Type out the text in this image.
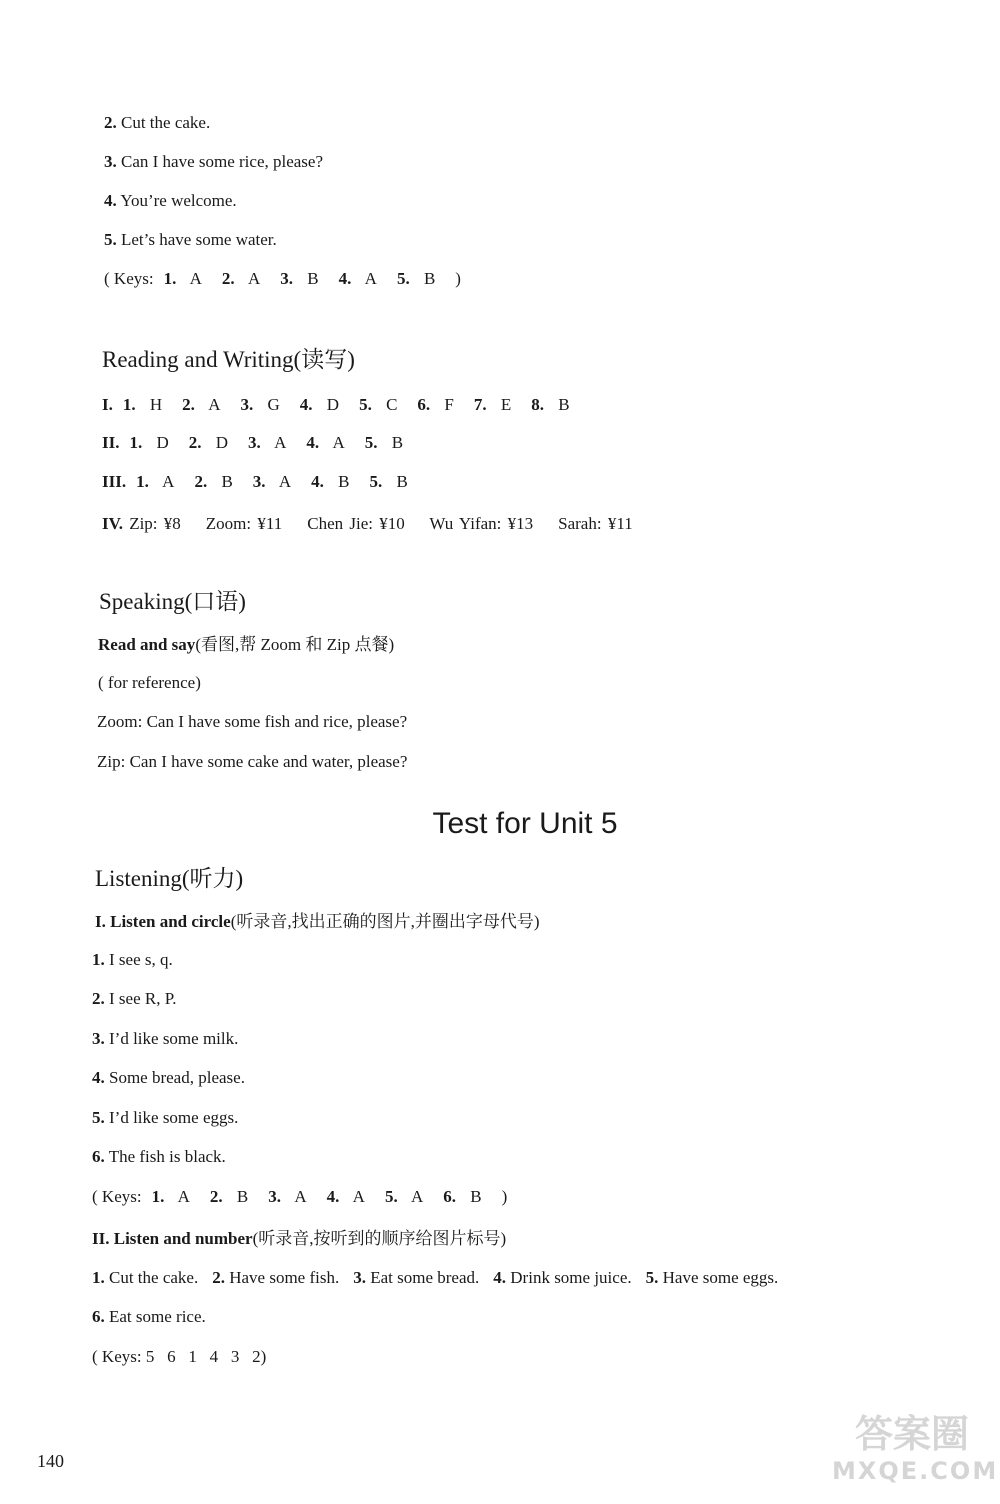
2. Cut the cake.
3. Can I have some rice, please?
4. You’re welcome.
5. Let’s have some water.
( Keys: 1. A 2. A 3. B 4. A 5. B )
Reading and Writing(读写)
I. 1. H 2. A 3. G 4. D 5. C 6. F 7. E 8. B
II. 1. D 2. D 3. A 4. A 5. B
III. 1. A 2. B 3. A 4. B 5. B
IV. Zip: ¥8    Zoom: ¥11    Chen Jie: ¥10    Wu Yifan: ¥13    Sarah: ¥11
Speaking(口语)
Read and say(看图,帮 Zoom 和 Zip 点餐)
( for reference)
Zoom: Can I have some fish and rice, please?
Zip: Can I have some cake and water, please?
Test for Unit 5
Listening(听力)
I. Listen and circle(听录音,找出正确的图片,并圈出字母代号)
1. I see s, q.
2. I see R, P.
3. I’d like some milk.
4. Some bread, please.
5. I’d like some eggs.
6. The fish is black.
( Keys: 1. A 2. B 3. A 4. A 5. A 6. B )
II. Listen and number(听录音,按听到的顺序给图片标号)
1. Cut the cake. 2. Have some fish. 3. Eat some bread. 4. Drink some juice. 5. Have some eggs.
6. Eat some rice.
( Keys: 5   6   1   4   3   2)
140
答案圈
MXQE.COM
